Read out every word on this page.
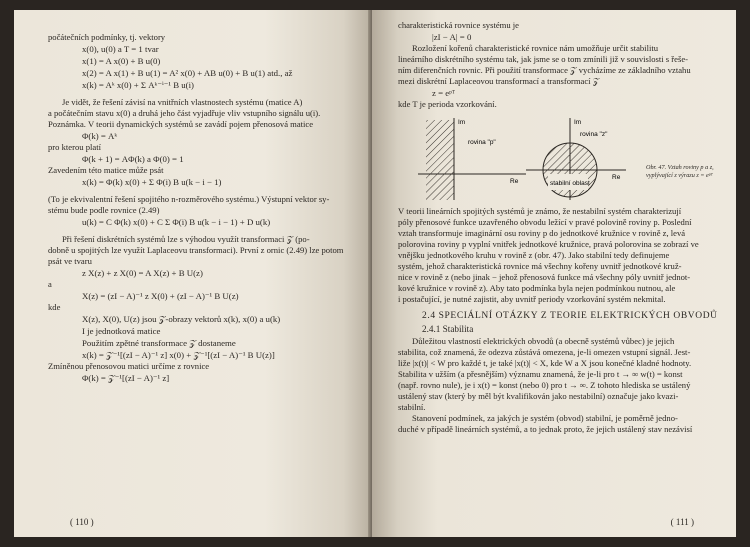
počátečních podmínky, tj. vektory
x(0), u(0) a T = 1 tvar
x(1) = A x(0) + B u(0)
x(2) = A x(1) + B u(1) = A² x(0) + AB u(0) + B u(1) atd., až
x(k) = Aᵏ x(0) + Σ Aᵏ⁻ⁱ⁻¹ B u(i)
Je vidět, že řešení závisí na vnitřních vlastnostech systému (matice A)
a počátečním stavu x(0) a druhá jeho část vyjadřuje vliv vstupního signálu u(i).
Poznámka. V teorii dynamických systémů se zavádí pojem přenosová matice
Φ(k) = Aᵏ
pro kterou platí
Φ(k + 1) = AΦ(k) a Φ(0) = 1
Zavedením této matice může psát
x(k) = Φ(k) x(0) + Σ Φ(i) B u(k − i − 1)
(To je ekvivalentní řešení spojitého n-rozměrového systému.) Výstupní vektor sy-
stému bude podle rovnice (2.49)
u(k) = C Φ(k) x(0) + C Σ Φ(i) B u(k − i − 1) + D u(k)
Při řešení diskrétních systémů lze s výhodou využít transformaci 𝒵 (po-
dobně u spojitých lze využít Laplaceovu transformaci). První z ornic (2.49) lze potom
psát ve tvaru
z X(z) + z X(0) = A X(z) + B U(z)
a
X(z) = (zI − A)⁻¹ z X(0) + (zI − A)⁻¹ B U(z)
kde
X(z), X(0), U(z) jsou 𝒵-obrazy vektorů x(k), x(0) a u(k)
I je jednotková matice
Použitím zpětné transformace 𝒵 dostaneme
x(k) = 𝒵⁻¹[(zI − A)⁻¹ z] x(0) + 𝒵⁻¹[(zI − A)⁻¹ B U(z)]
Zmíněnou přenosovou matici určíme z rovnice
Φ(k) = 𝒵⁻¹[(zI − A)⁻¹ z]
( 110 )
charakteristická rovnice systému je
|zI − A| = 0
Rozložení kořenů charakteristické rovnice nám umožňuje určit stabilitu
lineárního diskrétního systému tak, jak jsme se o tom zmínili již v souvislosti s řeše-
ním diferenčních rovnic. Při použití transformace 𝒵 vycházíme ze základního vztahu
mezi diskrétní Laplaceovou transformací a transformací 𝒵
z = eᵖᵀ
kde T je perioda vzorkování.
Im
Re
rovina "p"
Im
Re
rovina "z"
stabilní oblast
Obr. 47. Vztah roviny p a z, vyplývající z výrazu z = eᵖᵀ
V teorii lineárních spojitých systémů je známo, že nestabilní systém charakterizují
póly přenosové funkce uzavřeného obvodu ležící v pravé polovině roviny p. Poslední
vztah transformuje imaginární osu roviny p do jednotkové kružnice v rovině z, levá
polorovina roviny p vyplní vnitřek jednotkové kružnice, pravá polorovina se zobrazí ve
vnějšku jednotkového kruhu v rovině z (obr. 47). Jako stabilní tedy definujeme
systém, jehož charakteristická rovnice má všechny kořeny uvnitř jednotkové kruž-
nice v rovině z (nebo jinak − jehož přenosová funkce má všechny póly uvnitř jednot-
kové kružnice v rovině z). Aby tato podmínka byla nejen podmínkou nutnou, ale
i postačující, je nutné zajistit, aby uvnitř periody vzorkování systém nekmital.
2.4 SPECIÁLNÍ OTÁZKY Z TEORIE ELEKTRICKÝCH OBVODŮ
2.4.1 Stabilita
Důležitou vlastností elektrických obvodů (a obecně systémů vůbec) je jejich
stabilita, což znamená, že odezva zůstává omezena, je-li omezen vstupní signál. Jest-
liže |x(t)| < W pro každé t, je také |x(t)| < X, kde W a X jsou konečné kladné hodnoty.
Stabilita v užším (a přesnějším) významu znamená, že je-li pro t → ∞ w(t) = konst
(např. rovno nule), je i x(t) = konst (nebo 0) pro t → ∞. Z tohoto hlediska se ustálený
ustálený stav (který by měl být kvalifikován jako nestabilní) označuje jako kvazi-
stabilní.
Stanovení podmínek, za jakých je systém (obvod) stabilní, je poměrně jedno-
duché v případě lineárních systémů, a to jednak proto, že jejich ustálený stav nezávisí
( 111 )
